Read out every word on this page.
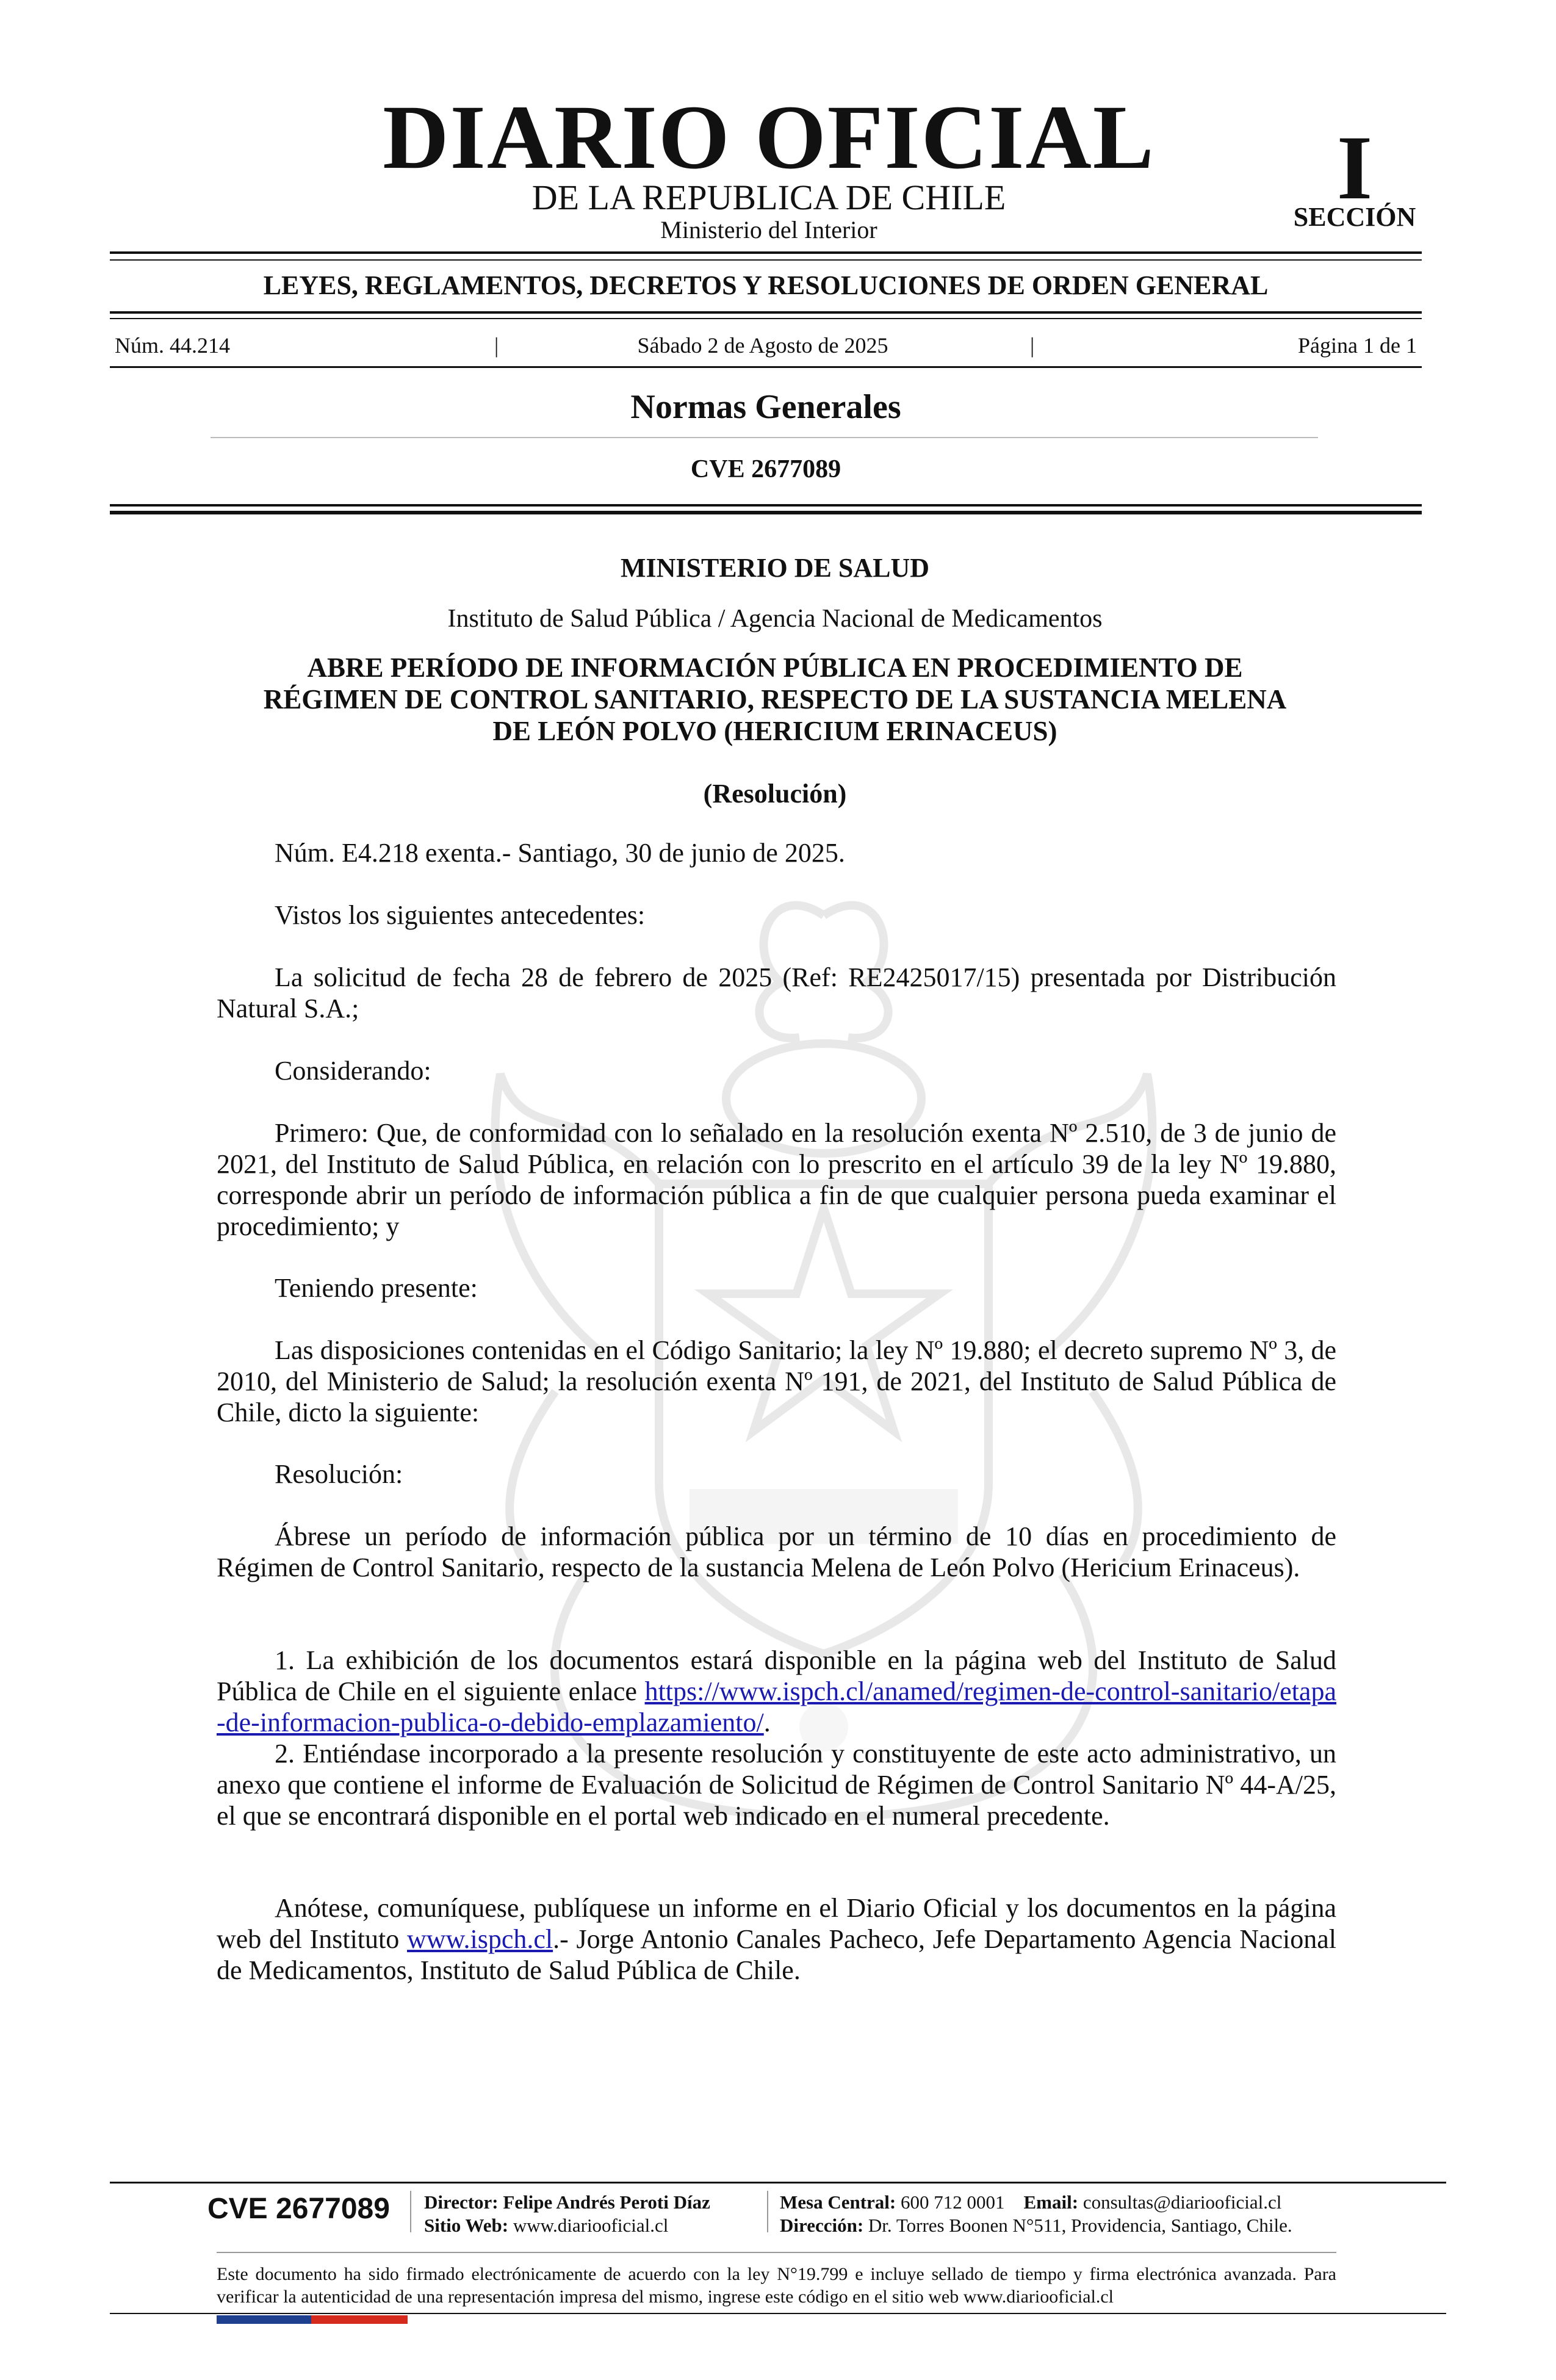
DIARIO OFICIAL
DE LA REPUBLICA DE CHILE
Ministerio del Interior
I
SECCIÓN
LEYES, REGLAMENTOS, DECRETOS Y RESOLUCIONES DE ORDEN GENERAL
Núm. 44.214	|	Sábado 2 de Agosto de 2025	|	Página 1 de 1
Normas Generales
CVE 2677089
MINISTERIO DE SALUD
Instituto de Salud Pública / Agencia Nacional de Medicamentos
ABRE PERÍODO DE INFORMACIÓN PÚBLICA EN PROCEDIMIENTO DE
RÉGIMEN DE CONTROL SANITARIO, RESPECTO DE LA SUSTANCIA MELENA
DE LEÓN POLVO (HERICIUM ERINACEUS)
(Resolución)
Núm. E4.218 exenta.- Santiago, 30 de junio de 2025.
Vistos los siguientes antecedentes:
La solicitud de fecha 28 de febrero de 2025 (Ref: RE2425017/15) presentada por Distribución Natural S.A.;
Considerando:
Primero: Que, de conformidad con lo señalado en la resolución exenta Nº 2.510, de 3 de junio de 2021, del Instituto de Salud Pública, en relación con lo prescrito en el artículo 39 de la ley Nº 19.880, corresponde abrir un período de información pública a fin de que cualquier persona pueda examinar el procedimiento; y
Teniendo presente:
Las disposiciones contenidas en el Código Sanitario; la ley Nº 19.880; el decreto supremo Nº 3, de 2010, del Ministerio de Salud; la resolución exenta Nº 191, de 2021, del Instituto de Salud Pública de Chile, dicto la siguiente:
Resolución:
Ábrese un período de información pública por un término de 10 días en procedimiento de Régimen de Control Sanitario, respecto de la sustancia Melena de León Polvo (Hericium Erinaceus).
1. La exhibición de los documentos estará disponible en la página web del Instituto de Salud Pública de Chile en el siguiente enlace https://www.ispch.cl/anamed/regimen-de-control-sanitario/etapa-de-informacion-publica-o-debido-emplazamiento/.
2. Entiéndase incorporado a la presente resolución y constituyente de este acto administrativo, un anexo que contiene el informe de Evaluación de Solicitud de Régimen de Control Sanitario Nº 44-A/25, el que se encontrará disponible en el portal web indicado en el numeral precedente.
Anótese, comuníquese, publíquese un informe en el Diario Oficial y los documentos en la página web del Instituto www.ispch.cl.- Jorge Antonio Canales Pacheco, Jefe Departamento Agencia Nacional de Medicamentos, Instituto de Salud Pública de Chile.
CVE 2677089	Director: Felipe Andrés Peroti Díaz
Sitio Web: www.diariooficial.cl
Mesa Central: 600 712 0001 Email: consultas@diariooficial.cl
Dirección: Dr. Torres Boonen N°511, Providencia, Santiago, Chile.
Este documento ha sido firmado electrónicamente de acuerdo con la ley N°19.799 e incluye sellado de tiempo y firma electrónica avanzada. Para verificar la autenticidad de una representación impresa del mismo, ingrese este código en el sitio web www.diariooficial.cl
